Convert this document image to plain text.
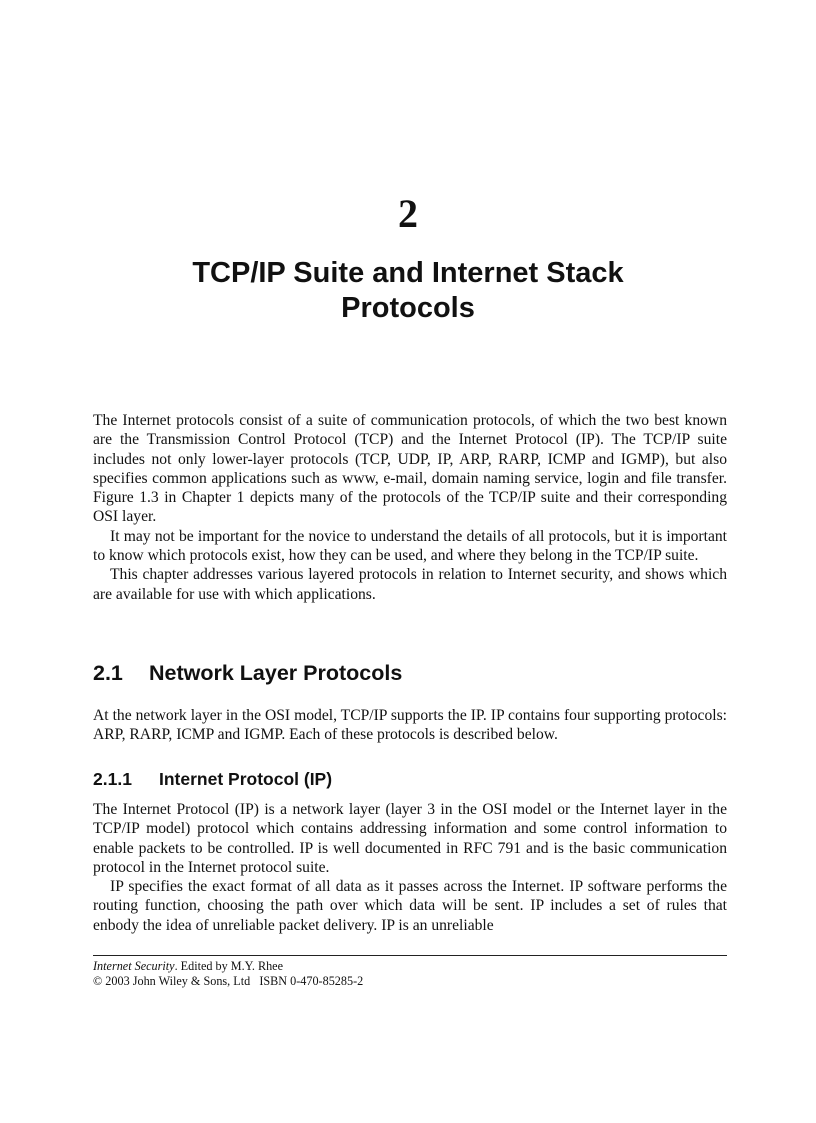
2
TCP/IP Suite and Internet Stack
Protocols

The Internet protocols consist of a suite of communication protocols, of which the two best known are the Transmission Control Protocol (TCP) and the Internet Protocol (IP). The TCP/IP suite includes not only lower-layer protocols (TCP, UDP, IP, ARP, RARP, ICMP and IGMP), but also specifies common applications such as www, e-mail, domain naming service, login and file transfer. Figure 1.3 in Chapter 1 depicts many of the protocols of the TCP/IP suite and their corresponding OSI layer.

It may not be important for the novice to understand the details of all protocols, but it is important to know which protocols exist, how they can be used, and where they belong in the TCP/IP suite.

This chapter addresses various layered protocols in relation to Internet security, and shows which are available for use with which applications.

2.1 Network Layer Protocols

At the network layer in the OSI model, TCP/IP supports the IP. IP contains four supporting protocols: ARP, RARP, ICMP and IGMP. Each of these protocols is described below.

2.1.1 Internet Protocol (IP)

The Internet Protocol (IP) is a network layer (layer 3 in the OSI model or the Internet layer in the TCP/IP model) protocol which contains addressing information and some control information to enable packets to be controlled. IP is well documented in RFC 791 and is the basic communication protocol in the Internet protocol suite.

IP specifies the exact format of all data as it passes across the Internet. IP software performs the routing function, choosing the path over which data will be sent. IP includes a set of rules that enbody the idea of unreliable packet delivery. IP is an unreliable

Internet Security. Edited by M.Y. Rhee
© 2003 John Wiley & Sons, Ltd ISBN 0-470-85285-2
